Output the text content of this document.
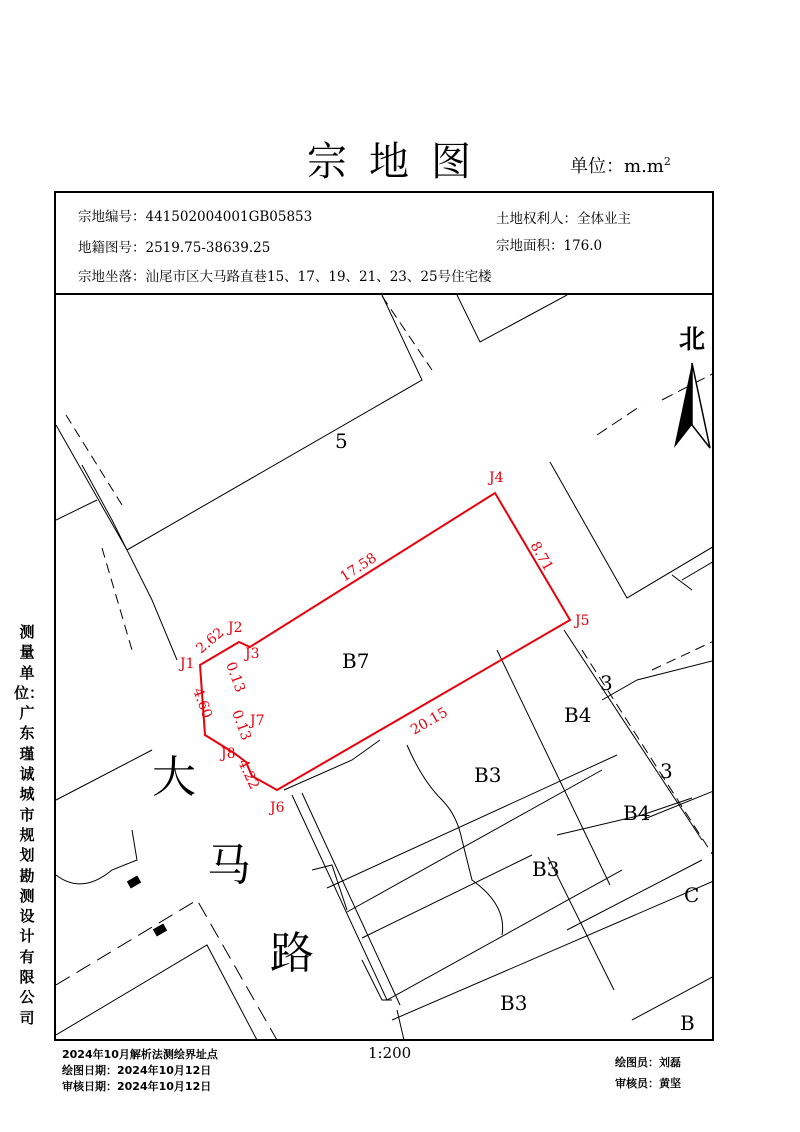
宗地图	单位：$m.m^2$
宗地编号：441502004001GB05853	土地权利人：全体业主
地籍图号：2519.75-38639.25	宗地面积：176.0
宗地坐落：汕尾市区大马路直巷15、17、19、21、23、25号住宅楼
北
J1
J2
J3
J4
J5
J6
J7
J8
17.58	8.71
20.15
4.22
0.13
4.60
2.62
0.13	B7
5
3
3
B4
B4
B3
B3
B3
C
B
大
马
路
测量单位：广东瑾诚城市规划勘测设计有限公司
2024年10月解析法测绘界址点
绘图日期：2024年10月12日
审核日期：2024年10月12日
1:200
绘图员：刘磊
审核员：黄坚
